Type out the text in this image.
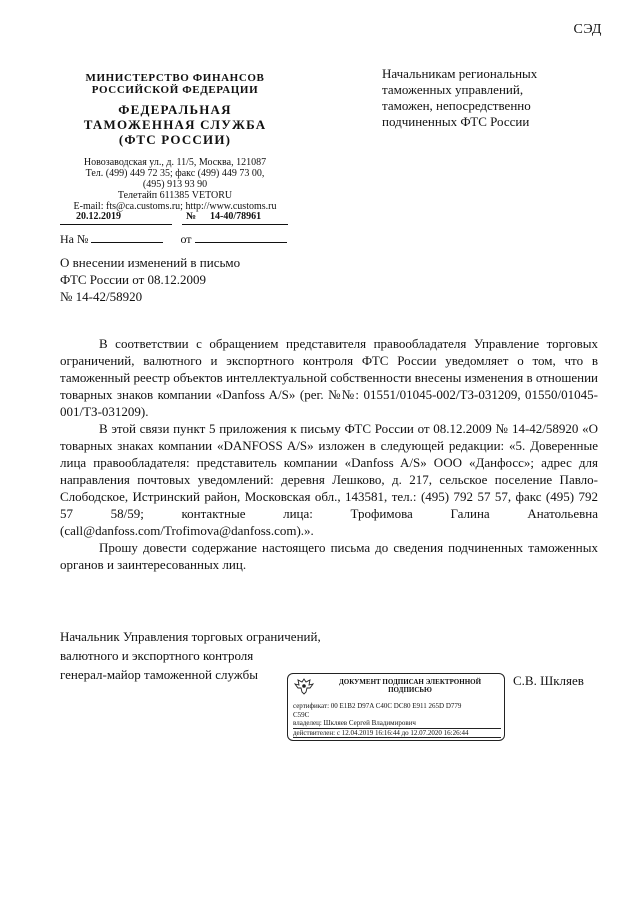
СЭД
МИНИСТЕРСТВО ФИНАНСОВ
РОССИЙСКОЙ ФЕДЕРАЦИИ
ФЕДЕРАЛЬНАЯ
ТАМОЖЕННАЯ СЛУЖБА
(ФТС РОССИИ)
Новозаводская ул., д. 11/5, Москва, 121087
Тел. (499) 449 72 35; факс (499) 449 73 00,
(495) 913 93 90
Телетайп 611385 VETORU
E-mail: fts@ca.customs.ru; http://www.customs.ru
20.12.2019	№ 14-40/78961
На №	от
О внесении изменений в письмо
ФТС России от 08.12.2009
№ 14-42/58920
Начальникам региональных
таможенных управлений,
таможен, непосредственно
подчиненных ФТС России

В соответствии с обращением представителя правообладателя Управление торговых ограничений, валютного и экспортного контроля ФТС России уведомляет о том, что в таможенный реестр объектов интеллектуальной собственности внесены изменения в отношении товарных знаков компании «Danfoss A/S» (рег. №№: 01551/01045-002/ТЗ-031209, 01550/01045-001/ТЗ-031209).

В этой связи пункт 5 приложения к письму ФТС России от 08.12.2009 № 14-42/58920 «О товарных знаках компании «DANFOSS A/S» изложен в следующей редакции: «5. Доверенные лица правообладателя: представитель компании «Danfoss A/S» ООО «Данфосс»; адрес для направления почтовых уведомлений: деревня Лешково, д. 217, сельское поселение Павло-Слободское, Истринский район, Московская обл., 143581, тел.: (495) 792 57 57, факс (495) 792 57 58/59; контактные лица: Трофимова Галина Анатольевна (call@danfoss.com/Trofimova@danfoss.com).».

Прошу довести содержание настоящего письма до сведения подчиненных таможенных органов и заинтересованных лиц.

Начальник Управления торговых ограничений,
валютного и экспортного контроля
генерал-майор таможенной службы	ДОКУМЕНТ ПОДПИСАН ЭЛЕКТРОННОЙ
ПОДПИСЬЮ
сертификат: 00 E1B2 D97A C40C DC80 E911 265D D779
C59C
владелец: Шкляев Сергей Владимирович
действителен: с 12.04.2019 16:16:44 до 12.07.2020 16:26:44
С.В. Шкляев
